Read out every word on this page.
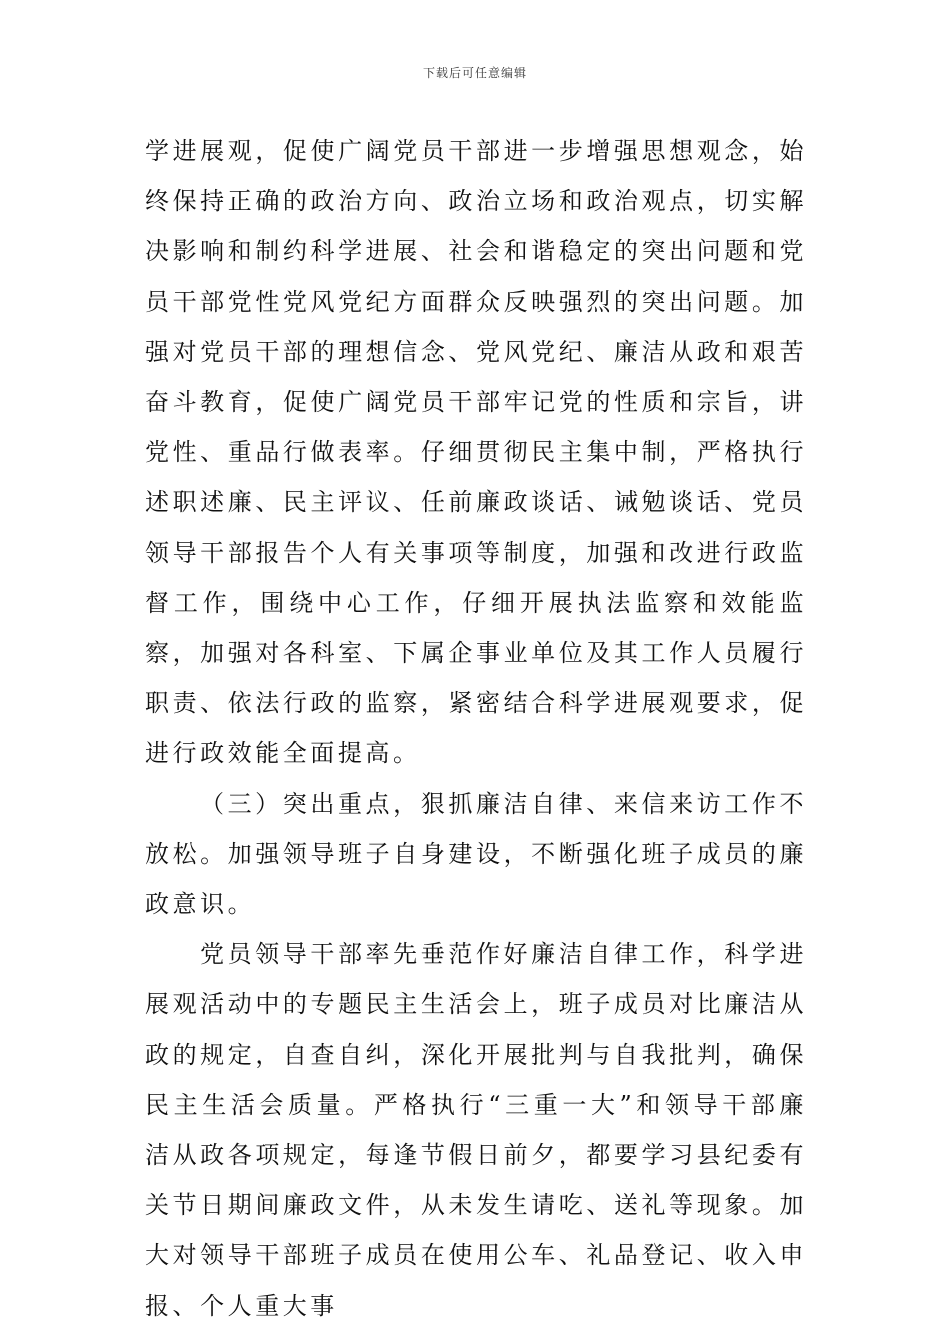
下载后可任意编辑

学进展观，促使广阔党员干部进一步增强思想观念，始终保持正确的政治方向、政治立场和政治观点，切实解决影响和制约科学进展、社会和谐稳定的突出问题和党员干部党性党风党纪方面群众反映强烈的突出问题。加强对党员干部的理想信念、党风党纪、廉洁从政和艰苦奋斗教育，促使广阔党员干部牢记党的性质和宗旨，讲党性、重品行做表率。仔细贯彻民主集中制，严格执行述职述廉、民主评议、任前廉政谈话、诫勉谈话、党员领导干部报告个人有关事项等制度，加强和改进行政监督工作，围绕中心工作，仔细开展执法监察和效能监察，加强对各科室、下属企事业单位及其工作人员履行职责、依法行政的监察，紧密结合科学进展观要求，促进行政效能全面提高。

（三）突出重点，狠抓廉洁自律、来信来访工作不放松。加强领导班子自身建设，不断强化班子成员的廉政意识。

党员领导干部率先垂范作好廉洁自律工作，科学进展观活动中的专题民主生活会上，班子成员对比廉洁从政的规定，自查自纠，深化开展批判与自我批判，确保民主生活会质量。严格执行“三重一大”和领导干部廉洁从政各项规定，每逢节假日前夕，都要学习县纪委有关节日期间廉政文件，从未发生请吃、送礼等现象。加大对领导干部班子成员在使用公车、礼品登记、收入申报、个人重大事
